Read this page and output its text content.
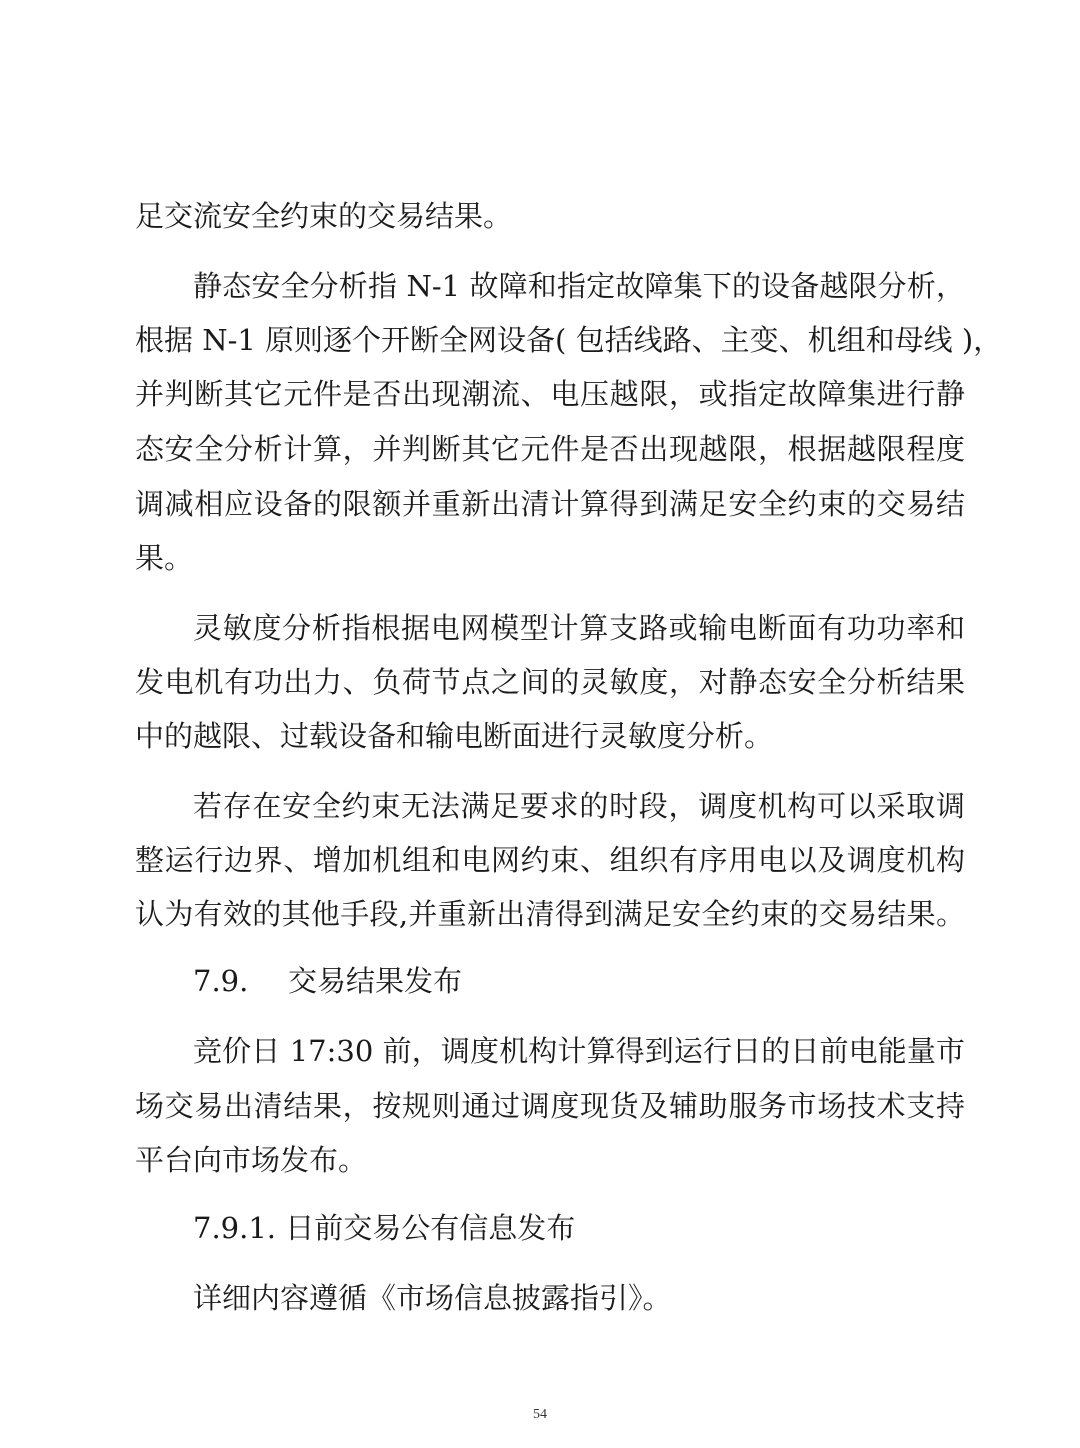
足交流安全约束的交易结果。
静态安全分析指 N-1 故障和指定故障集下的设备越限分析，
根据 N-1 原则逐个开断全网设备( 包括线路、主变、机组和母线 )，
并判断其它元件是否出现潮流、电压越限，或指定故障集进行静
态安全分析计算，并判断其它元件是否出现越限，根据越限程度
调减相应设备的限额并重新出清计算得到满足安全约束的交易结
果。
灵敏度分析指根据电网模型计算支路或输电断面有功功率和
发电机有功出力、负荷节点之间的灵敏度，对静态安全分析结果
中的越限、过载设备和输电断面进行灵敏度分析。
若存在安全约束无法满足要求的时段，调度机构可以采取调
整运行边界、增加机组和电网约束、组织有序用电以及调度机构
认为有效的其他手段,并重新出清得到满足安全约束的交易结果。
7.9. 交易结果发布
竞价日 17:30 前，调度机构计算得到运行日的日前电能量市
场交易出清结果，按规则通过调度现货及辅助服务市场技术支持
平台向市场发布。
7.9.1. 日前交易公有信息发布
详细内容遵循《市场信息披露指引》。
54
